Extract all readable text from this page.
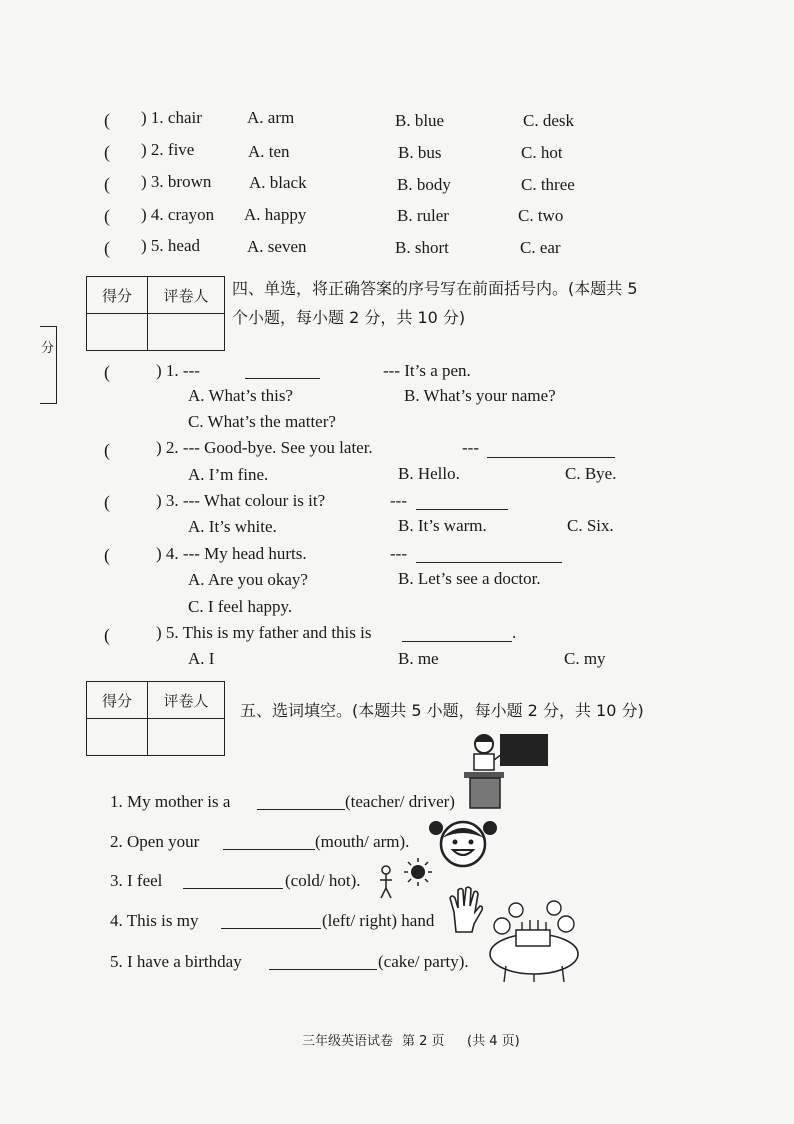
( ) 1. chair	A. arm	B. blue	C. desk
( ) 2. five	A. ten	B. bus	C. hot
( ) 3. brown A. black	B. body	C. three
( ) 4. crayon A. happy	B. ruler	C. two
( ) 5. head	A. seven	B. short	C. ear
得分	评卷人

分
四、单选，将正确答案的序号写在前面括号内。(本题共 5
个小题，每小题 2 分，共 10 分)
(	) 1. ---	--- It’s a pen.
A. What’s this?	B. What’s your name?
C. What’s the matter?
(	) 2. --- Good-bye. See you later.	---
A. I’m fine.	B. Hello.	C. Bye.
(	) 3. --- What colour is it?	---
A. It’s white.	B. It’s warm.	C. Six.
(	) 4. --- My head hurts.	---
A. Are you okay?	B. Let’s see a doctor.
C. I feel happy.
(	) 5. This is my father and this is	.
A. I	B. me	C. my
得分	评卷人

五、选词填空。(本题共 5 小题，每小题 2 分，共 10 分)
1. My mother is a	(teacher/ driver)
2. Open your	(mouth/ arm).
3. I feel	(cold/ hot).
4. This is my	(left/ right) hand
5. I have a birthday	(cake/ party).
三年级英语试卷 第 2 页 (共 4 页)
